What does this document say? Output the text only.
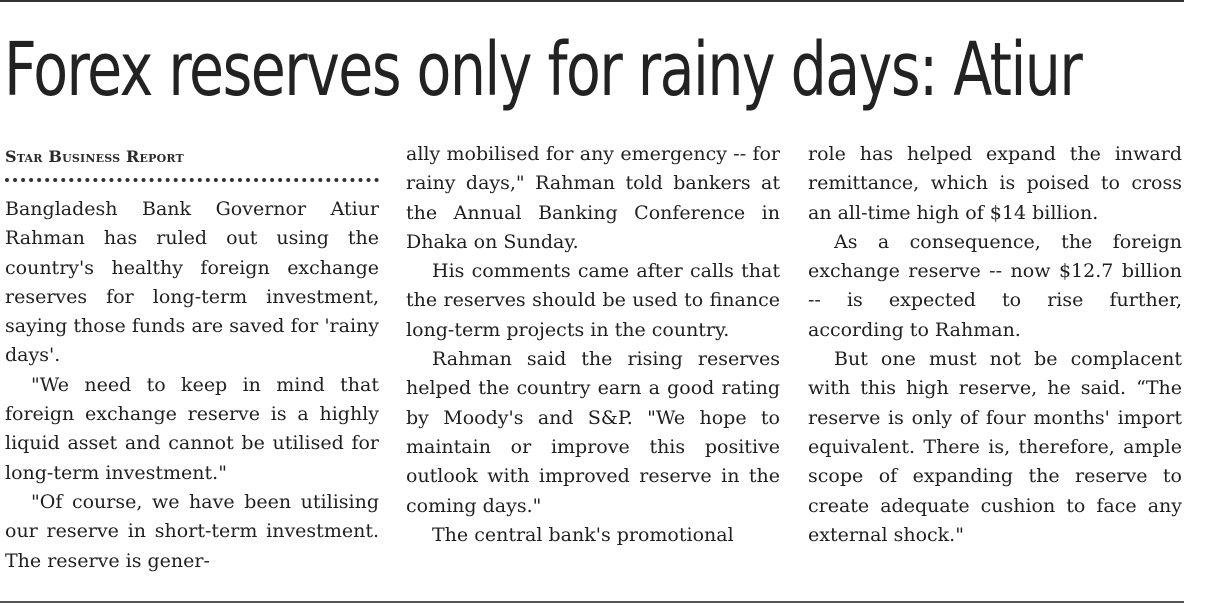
Forex reserves only for rainy days: Atiur
Star Business Report

Bangladesh Bank Governor Atiur Rahman has ruled out using the country's healthy foreign exchange reserves for long-term investment, saying those funds are saved for 'rainy days'.

"We need to keep in mind that foreign exchange reserve is a highly liquid asset and cannot be utilised for long-term investment."

"Of course, we have been utilising our reserve in short-term investment. The reserve is gener-

ally mobilised for any emergency -- for rainy days," Rahman told bankers at the Annual Banking Conference in Dhaka on Sunday.

His comments came after calls that the reserves should be used to finance long-term projects in the country.

Rahman said the rising reserves helped the country earn a good rating by Moody's and S&P. "We hope to maintain or improve this positive outlook with improved reserve in the coming days."

The central bank's promotional

role has helped expand the inward remittance, which is poised to cross an all-time high of $14 billion.

As a consequence, the foreign exchange reserve -- now $12.7 billion -- is expected to rise further, according to Rahman.

But one must not be complacent with this high reserve, he said. “The reserve is only of four months' import equivalent. There is, therefore, ample scope of expanding the reserve to create adequate cushion to face any external shock."
